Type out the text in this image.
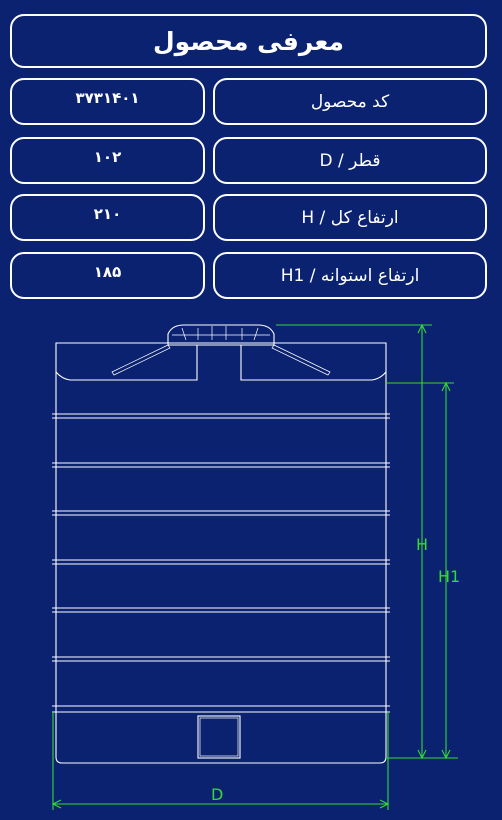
معرفی محصول
کد محصول
۳۷۳۱۴۰۱
قطر / D
۱۰۲
ارتفاع کل / H
۲۱۰
ارتفاع استوانه / H1
۱۸۵
H
H1
D
